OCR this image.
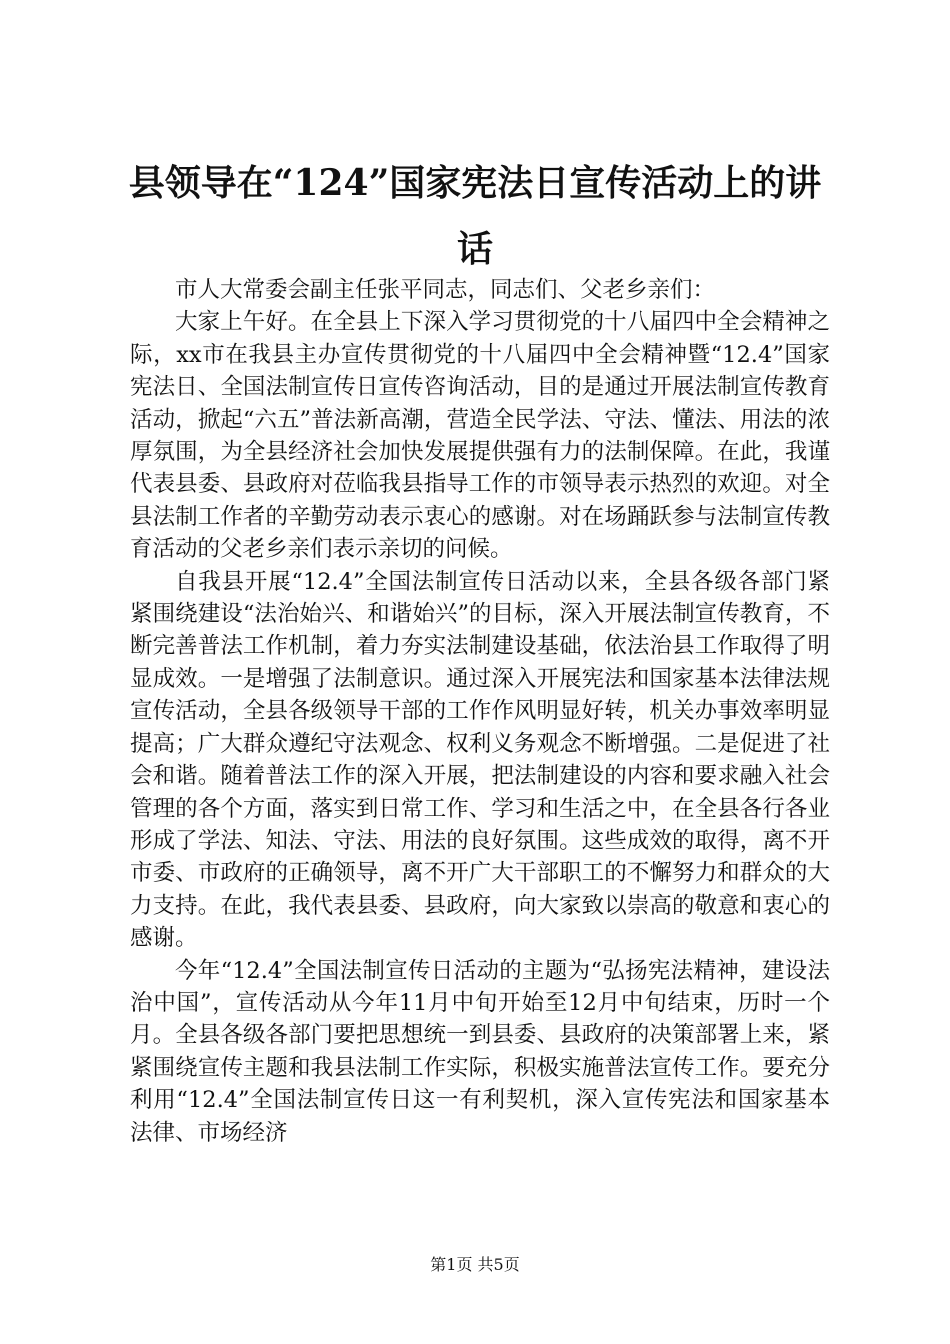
县领导在“124”国家宪法日宣传活动上的讲话

市人大常委会副主任张平同志，同志们、父老乡亲们：

大家上午好。在全县上下深入学习贯彻党的十八届四中全会精神之际，xx市在我县主办宣传贯彻党的十八届四中全会精神暨“12.4”国家宪法日、全国法制宣传日宣传咨询活动，目的是通过开展法制宣传教育活动，掀起“六五”普法新高潮，营造全民学法、守法、懂法、用法的浓厚氛围，为全县经济社会加快发展提供强有力的法制保障。在此，我谨代表县委、县政府对莅临我县指导工作的市领导表示热烈的欢迎。对全县法制工作者的辛勤劳动表示衷心的感谢。对在场踊跃参与法制宣传教育活动的父老乡亲们表示亲切的问候。

自我县开展“12.4”全国法制宣传日活动以来，全县各级各部门紧紧围绕建设“法治始兴、和谐始兴”的目标，深入开展法制宣传教育，不断完善普法工作机制，着力夯实法制建设基础，依法治县工作取得了明显成效。一是增强了法制意识。通过深入开展宪法和国家基本法律法规宣传活动，全县各级领导干部的工作作风明显好转，机关办事效率明显提高；广大群众遵纪守法观念、权利义务观念不断增强。二是促进了社会和谐。随着普法工作的深入开展，把法制建设的内容和要求融入社会管理的各个方面，落实到日常工作、学习和生活之中，在全县各行各业形成了学法、知法、守法、用法的良好氛围。这些成效的取得，离不开市委、市政府的正确领导，离不开广大干部职工的不懈努力和群众的大力支持。在此，我代表县委、县政府，向大家致以崇高的敬意和衷心的感谢。

今年“12.4”全国法制宣传日活动的主题为“弘扬宪法精神，建设法治中国”，宣传活动从今年11月中旬开始至12月中旬结束，历时一个月。全县各级各部门要把思想统一到县委、县政府的决策部署上来，紧紧围绕宣传主题和我县法制工作实际，积极实施普法宣传工作。要充分利用“12.4”全国法制宣传日这一有利契机，深入宣传宪法和国家基本法律、市场经济

第1页 共5页
